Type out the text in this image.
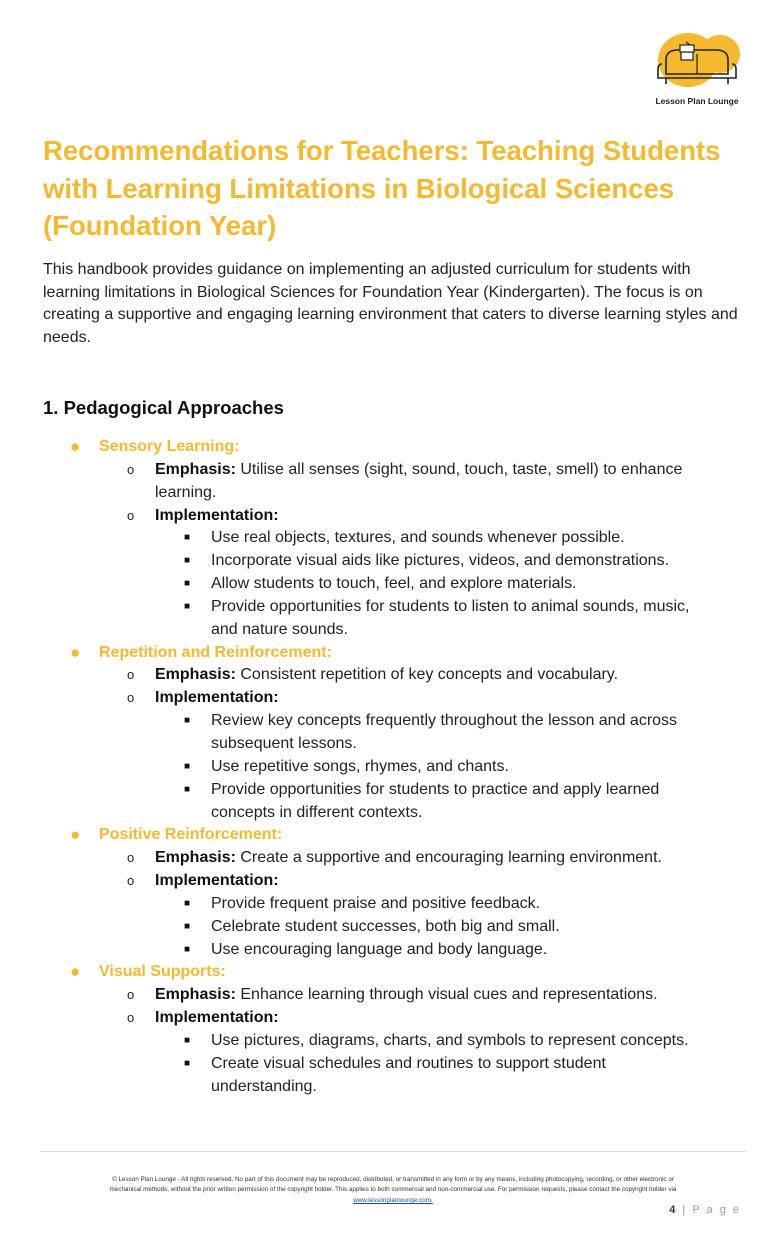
Lesson Plan Lounge
Recommendations for Teachers: Teaching Students with Learning Limitations in Biological Sciences (Foundation Year)

This handbook provides guidance on implementing an adjusted curriculum for students with learning limitations in Biological Sciences for Foundation Year (Kindergarten). The focus is on creating a supportive and engaging learning environment that caters to diverse learning styles and needs.

1. Pedagogical Approaches
● Sensory Learning:
o Emphasis: Utilise all senses (sight, sound, touch, taste, smell) to enhance
learning.
o Implementation:
■ Use real objects, textures, and sounds whenever possible.
■ Incorporate visual aids like pictures, videos, and demonstrations.
■ Allow students to touch, feel, and explore materials.
■ Provide opportunities for students to listen to animal sounds, music,
and nature sounds.
● Repetition and Reinforcement:
o Emphasis: Consistent repetition of key concepts and vocabulary.
o Implementation:
■ Review key concepts frequently throughout the lesson and across
subsequent lessons.
■ Use repetitive songs, rhymes, and chants.
■ Provide opportunities for students to practice and apply learned
concepts in different contexts.
● Positive Reinforcement:
o Emphasis: Create a supportive and encouraging learning environment.
o Implementation:
■ Provide frequent praise and positive feedback.
■ Celebrate student successes, both big and small.
■ Use encouraging language and body language.
● Visual Supports:
o Emphasis: Enhance learning through visual cues and representations.
o Implementation:
■ Use pictures, diagrams, charts, and symbols to represent concepts.
■ Create visual schedules and routines to support student
understanding.
© Lesson Plan Lounge - All rights reserved. No part of this document may be reproduced, distributed, or transmitted in any form or by any means, including photocopying, recording, or other electronic or
mechanical methods, without the prior written permission of the copyright holder. This applies to both commercial and non-commercial use. For permission requests, please contact the copyright holder via
www.lessonplanlounge.com.
4 | P a g e
